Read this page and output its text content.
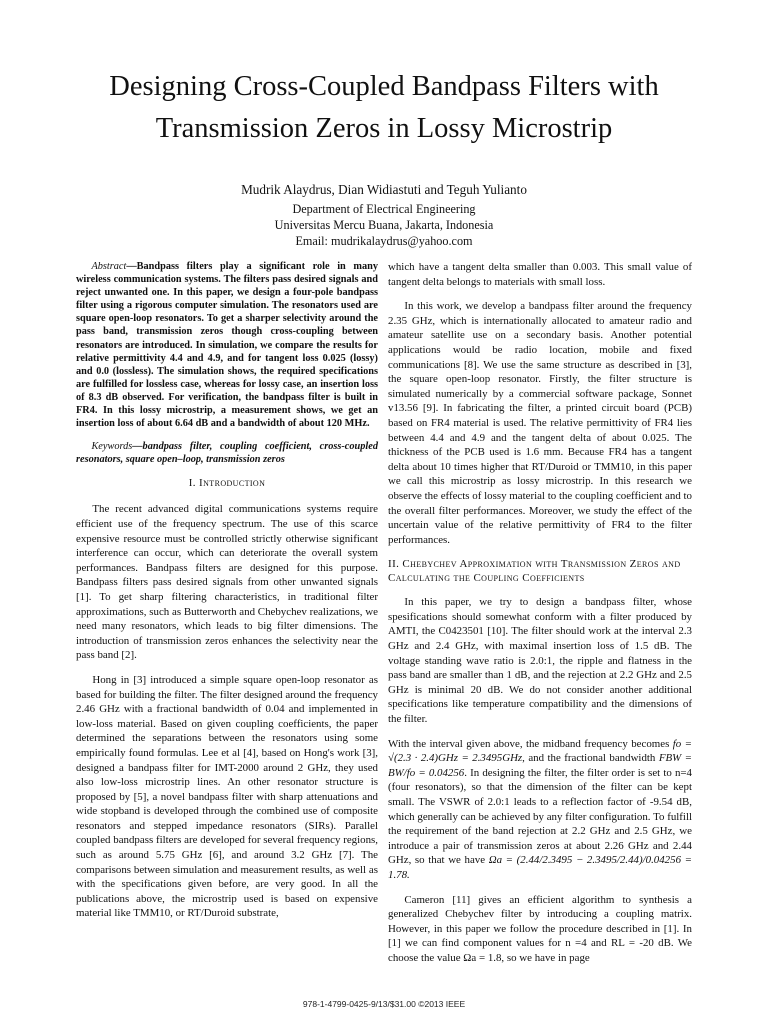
Designing Cross-Coupled Bandpass Filters with Transmission Zeros in Lossy Microstrip
Mudrik Alaydrus, Dian Widiastuti and Teguh Yulianto
Department of Electrical Engineering
Universitas Mercu Buana, Jakarta, Indonesia
Email: mudrikalaydrus@yahoo.com

Abstract—Bandpass filters play a significant role in many wireless communication systems. The filters pass desired signals and reject unwanted one. In this paper, we design a four-pole bandpass filter using a rigorous computer simulation. The resonators used are square open-loop resonators. To get a sharper selectivity around the pass band, transmission zeros though cross-coupling between resonators are introduced. In simulation, we compare the results for relative permittivity 4.4 and 4.9, and for tangent loss 0.025 (lossy) and 0.0 (lossless). The simulation shows, the required specifications are fulfilled for lossless case, whereas for lossy case, an insertion loss of 8.3 dB observed. For verification, the bandpass filter is built in FR4. In this lossy microstrip, a measurement shows, we get an insertion loss of about 6.64 dB and a bandwidth of about 120 MHz.

Keywords—bandpass filter, coupling coefficient, cross-coupled resonators, square open–loop, transmission zeros

I. Introduction

The recent advanced digital communications systems require efficient use of the frequency spectrum. The use of this scarce expensive resource must be controlled strictly otherwise significant interference can occur, which can deteriorate the overall system performances. Bandpass filters are designed for this purpose. Bandpass filters pass desired signals from other unwanted signals [1]. To get sharp filtering characteristics, in traditional filter approximations, such as Butterworth and Chebychev realizations, we need many resonators, which leads to big filter dimensions. The introduction of transmission zeros enhances the selectivity near the pass band [2].

Hong in [3] introduced a simple square open-loop resonator as based for building the filter. The filter designed around the frequency 2.46 GHz with a fractional bandwidth of 0.04 and implemented in low-loss material. Based on given coupling coefficients, the paper determined the separations between the resonators using some empirically found formulas. Lee et al [4], based on Hong's work [3], designed a bandpass filter for IMT-2000 around 2 GHz, they used also low-loss microstrip lines. An other resonator structure is proposed by [5], a novel bandpass filter with sharp attenuations and wide stopband is developed through the combined use of composite resonators and stepped impedance resonators (SIRs). Parallel coupled bandpass filters are developed for several frequency regions, such as around 5.75 GHz [6], and around 3.2 GHz [7]. The comparisons between simulation and measurement results, as well as with the specifications given before, are very good. In all the publications above, the microstrip used is based on expensive material like TMM10, or RT/Duroid substrate,

which have a tangent delta smaller than 0.003. This small value of tangent delta belongs to materials with small loss.

In this work, we develop a bandpass filter around the frequency 2.35 GHz, which is internationally allocated to amateur radio and amateur satellite use on a secondary basis. Another potential applications would be radio location, mobile and fixed communications [8]. We use the same structure as described in [3], the square open-loop resonator. Firstly, the filter structure is simulated numerically by a commercial software package, Sonnet v13.56 [9]. In fabricating the filter, a printed circuit board (PCB) based on FR4 material is used. The relative permittivity of FR4 lies between 4.4 and 4.9 and the tangent delta of about 0.025. The thickness of the PCB used is 1.6 mm. Because FR4 has a tangent delta about 10 times higher that RT/Duroid or TMM10, in this paper we call this microstrip as lossy microstrip. In this research we observe the effects of lossy material to the coupling coefficient and to the overall filter performances. Moreover, we study the effect of the uncertain value of the relative permittivity of FR4 to the filter performances.

II. Chebychev Approximation with Transmission Zeros and Calculating the Coupling Coefficients

In this paper, we try to design a bandpass filter, whose spesifications should somewhat conform with a filter produced by AMTI, the C0423501 [10]. The filter should work at the interval 2.3 GHz and 2.4 GHz, with maximal insertion loss of 1.5 dB. The voltage standing wave ratio is 2.0:1, the ripple and flatness in the pass band are smaller than 1 dB, and the rejection at 2.2 GHz and 2.5 GHz is minimal 20 dB. We do not consider another additional specifications like temperature compatibility and the dimensions of the filter.

With the interval given above, the midband frequency becomes fo = √(2.3 · 2.4)GHz = 2.3495GHz, and the fractional bandwidth FBW = BW/fo = 0.04256. In designing the filter, the filter order is set to n=4 (four resonators), so that the dimension of the filter can be kept small. The VSWR of 2.0:1 leads to a reflection factor of -9.54 dB, which generally can be achieved by any filter configuration. To fulfill the requirement of the band rejection at 2.2 GHz and 2.5 GHz, we introduce a pair of transmission zeros at about 2.26 GHz and 2.44 GHz, so that we have Ωa = (2.44/2.3495 − 2.3495/2.44)/0.04256 = 1.78.

Cameron [11] gives an efficient algorithm to synthesis a generalized Chebychev filter by introducing a coupling matrix. However, in this paper we follow the procedure described in [1]. In [1] we can find component values for n =4 and RL = -20 dB. We choose the value Ωa = 1.8, so we have in page

978-1-4799-0425-9/13/$31.00 ©2013 IEEE
